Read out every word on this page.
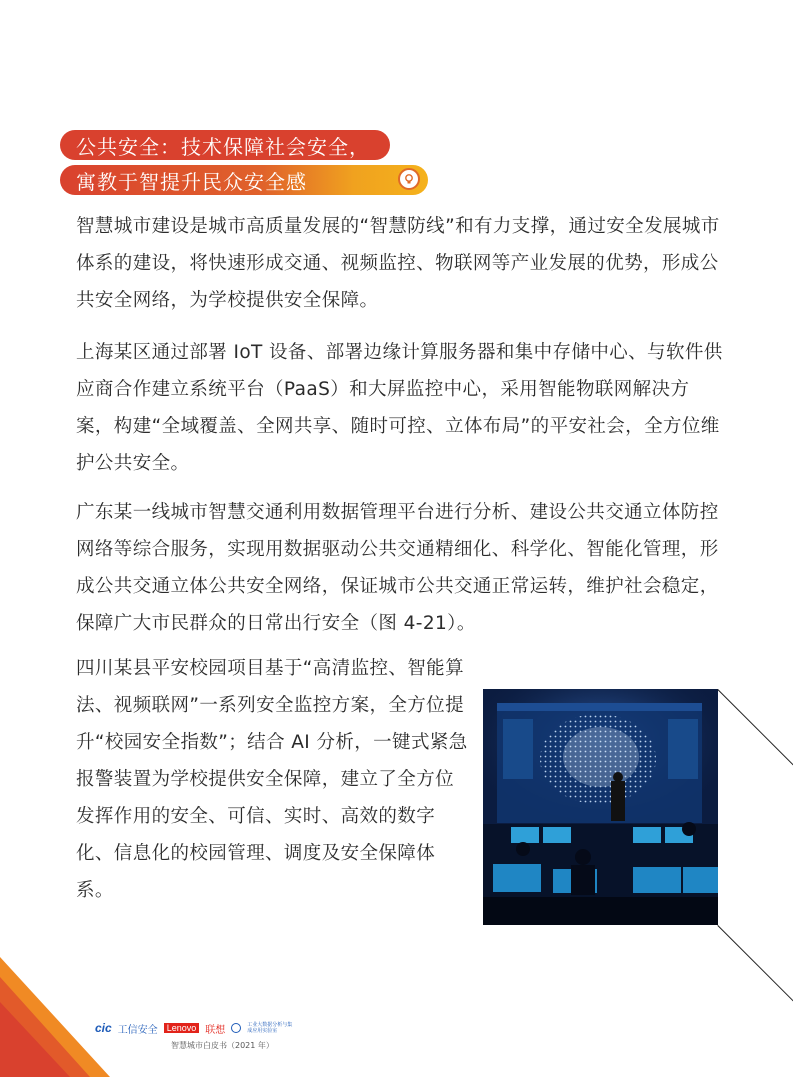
公共安全：技术保障社会安全，
寓教于智提升民众安全感

智慧城市建设是城市高质量发展的“智慧防线”和有力支撑，通过安全发展城市体系的建设，将快速形成交通、视频监控、物联网等产业发展的优势，形成公共安全网络，为学校提供安全保障。

上海某区通过部署 IoT 设备、部署边缘计算服务器和集中存储中心、与软件供应商合作建立系统平台（PaaS）和大屏监控中心，采用智能物联网解决方案，构建“全域覆盖、全网共享、随时可控、立体布局”的平安社会，全方位维护公共安全。

广东某一线城市智慧交通利用数据管理平台进行分析、建设公共交通立体防控网络等综合服务，实现用数据驱动公共交通精细化、科学化、智能化管理，形成公共交通立体公共安全网络，保证城市公共交通正常运转，维护社会稳定，保障广大市民群众的日常出行安全（图 4-21）。

四川某县平安校园项目基于“高清监控、智能算法、视频联网”一系列安全监控方案，全方位提升“校园安全指数”；结合 AI 分析，一键式紧急报警装置为学校提供安全保障，建立了全方位发挥作用的安全、可信、实时、高效的数字化、信息化的校园管理、调度及安全保障体系。

55
cic 工信安全	Lenovo 联想	工业大数据分析与集成应用实验室
智慧城市白皮书（2021 年）
